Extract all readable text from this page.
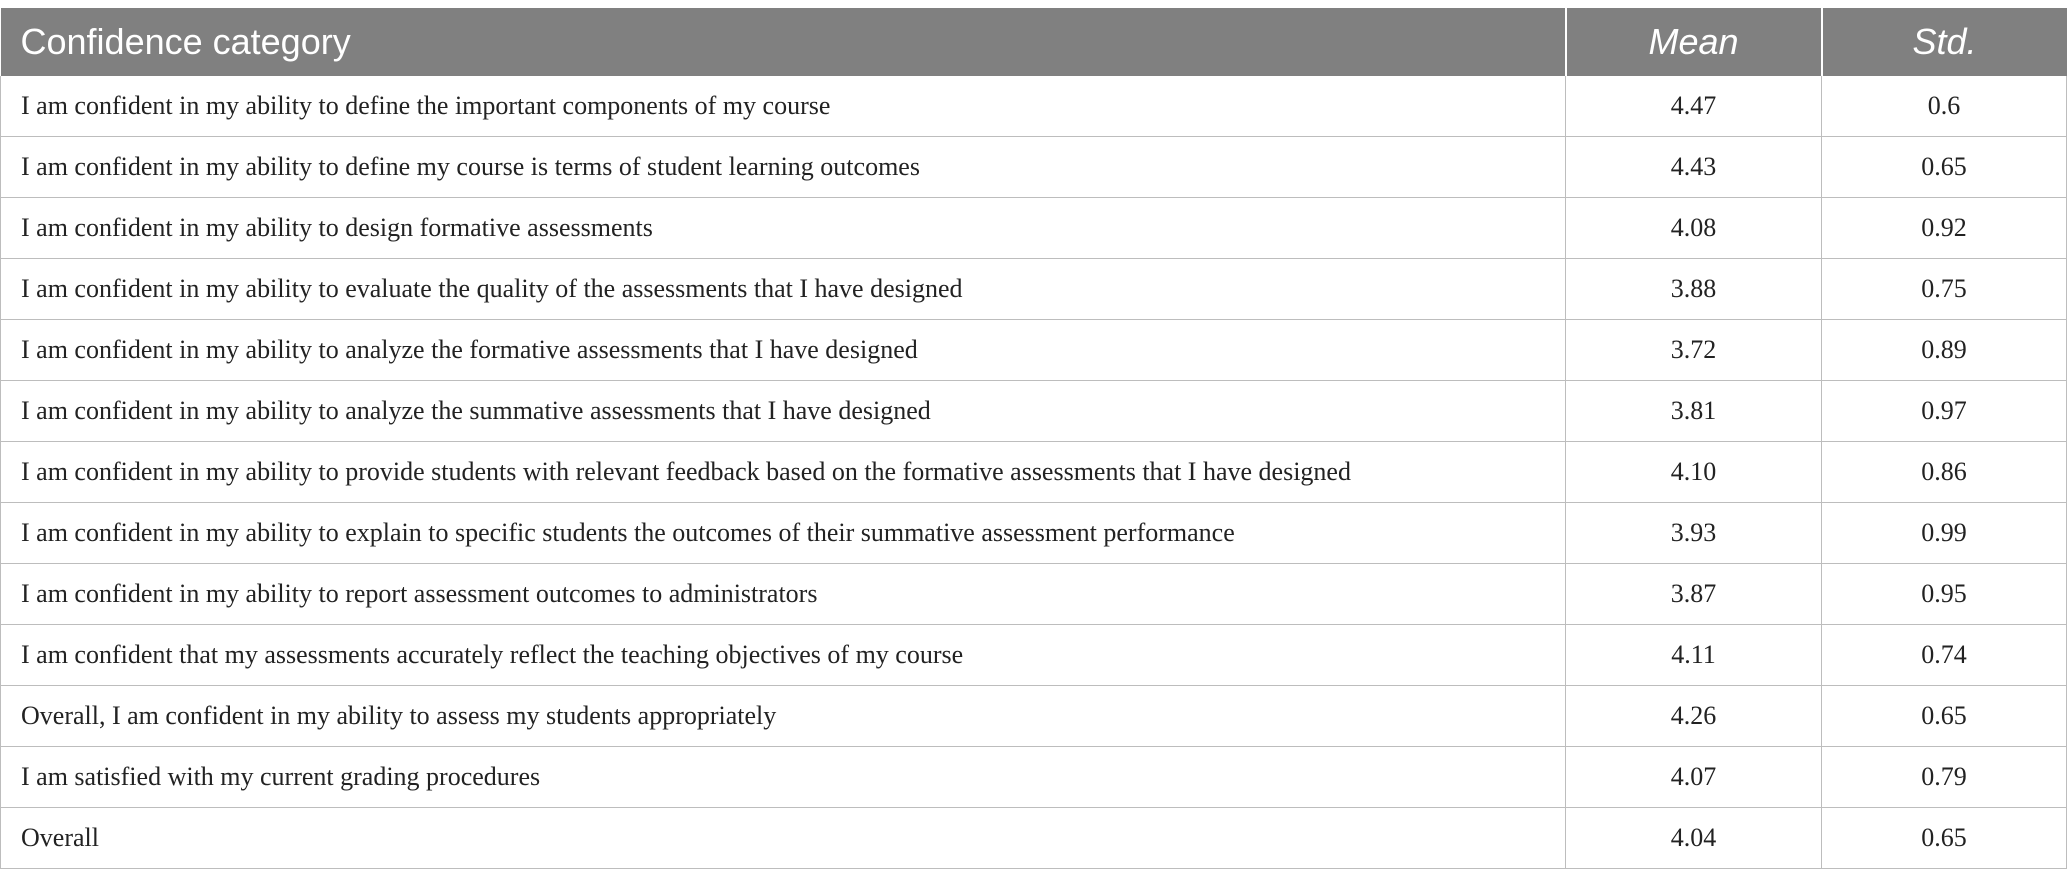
Confidence category	Mean	Std.
I am confident in my ability to define the important components of my course	4.47	0.6
I am confident in my ability to define my course is terms of student learning outcomes	4.43	0.65
I am confident in my ability to design formative assessments	4.08	0.92
I am confident in my ability to evaluate the quality of the assessments that I have designed	3.88	0.75
I am confident in my ability to analyze the formative assessments that I have designed	3.72	0.89
I am confident in my ability to analyze the summative assessments that I have designed	3.81	0.97
I am confident in my ability to provide students with relevant feedback based on the formative assessments that I have designed	4.10	0.86
I am confident in my ability to explain to specific students the outcomes of their summative assessment performance	3.93	0.99
I am confident in my ability to report assessment outcomes to administrators	3.87	0.95
I am confident that my assessments accurately reflect the teaching objectives of my course	4.11	0.74
Overall, I am confident in my ability to assess my students appropriately	4.26	0.65
I am satisfied with my current grading procedures	4.07	0.79
Overall	4.04	0.65
